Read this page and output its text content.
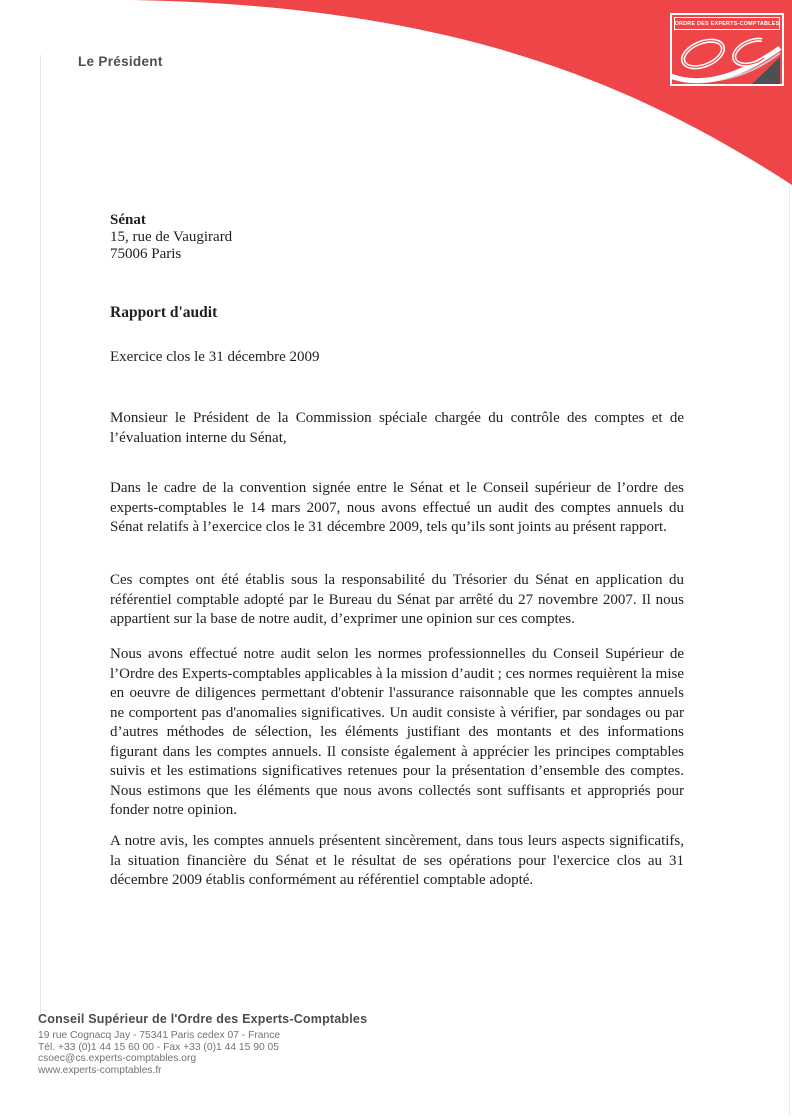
Le Président
ORDRE DES EXPERTS-COMPTABLES
Sénat
15, rue de Vaugirard
75006 Paris
Rapport d'audit
Exercice clos le 31 décembre 2009

Monsieur le Président de la Commission spéciale chargée du contrôle des comptes et de l’évaluation interne du Sénat,

Dans le cadre de la convention signée entre le Sénat et le Conseil supérieur de l’ordre des experts-comptables le 14 mars 2007, nous avons effectué un audit des comptes annuels du Sénat relatifs à l’exercice clos le 31 décembre 2009, tels qu’ils sont joints au présent rapport.

Ces comptes ont été établis sous la responsabilité du Trésorier du Sénat en application du référentiel comptable adopté par le Bureau du Sénat par arrêté du 27 novembre 2007. Il nous appartient sur la base de notre audit, d’exprimer une opinion sur ces comptes.

Nous avons effectué notre audit selon les normes professionnelles du Conseil Supérieur de l’Ordre des Experts-comptables applicables à la mission d’audit ; ces normes requièrent la mise en oeuvre de diligences permettant d'obtenir l'assurance raisonnable que les comptes annuels ne comportent pas d'anomalies significatives. Un audit consiste à vérifier, par sondages ou par d’autres méthodes de sélection, les éléments justifiant des montants et des informations figurant dans les comptes annuels. Il consiste également à apprécier les principes comptables suivis et les estimations significatives retenues pour la présentation d’ensemble des comptes. Nous estimons que les éléments que nous avons collectés sont suffisants et appropriés pour fonder notre opinion.

A notre avis, les comptes annuels présentent sincèrement, dans tous leurs aspects significatifs, la situation financière du Sénat et le résultat de ses opérations pour l'exercice clos au 31 décembre 2009 établis conformément au référentiel comptable adopté.

Conseil Supérieur de l'Ordre des Experts-Comptables
19 rue Cognacq Jay - 75341 Paris cedex 07 - France
Tél. +33 (0)1 44 15 60 00 - Fax +33 (0)1 44 15 90 05
csoec@cs.experts-comptables.org
www.experts-comptables.fr
